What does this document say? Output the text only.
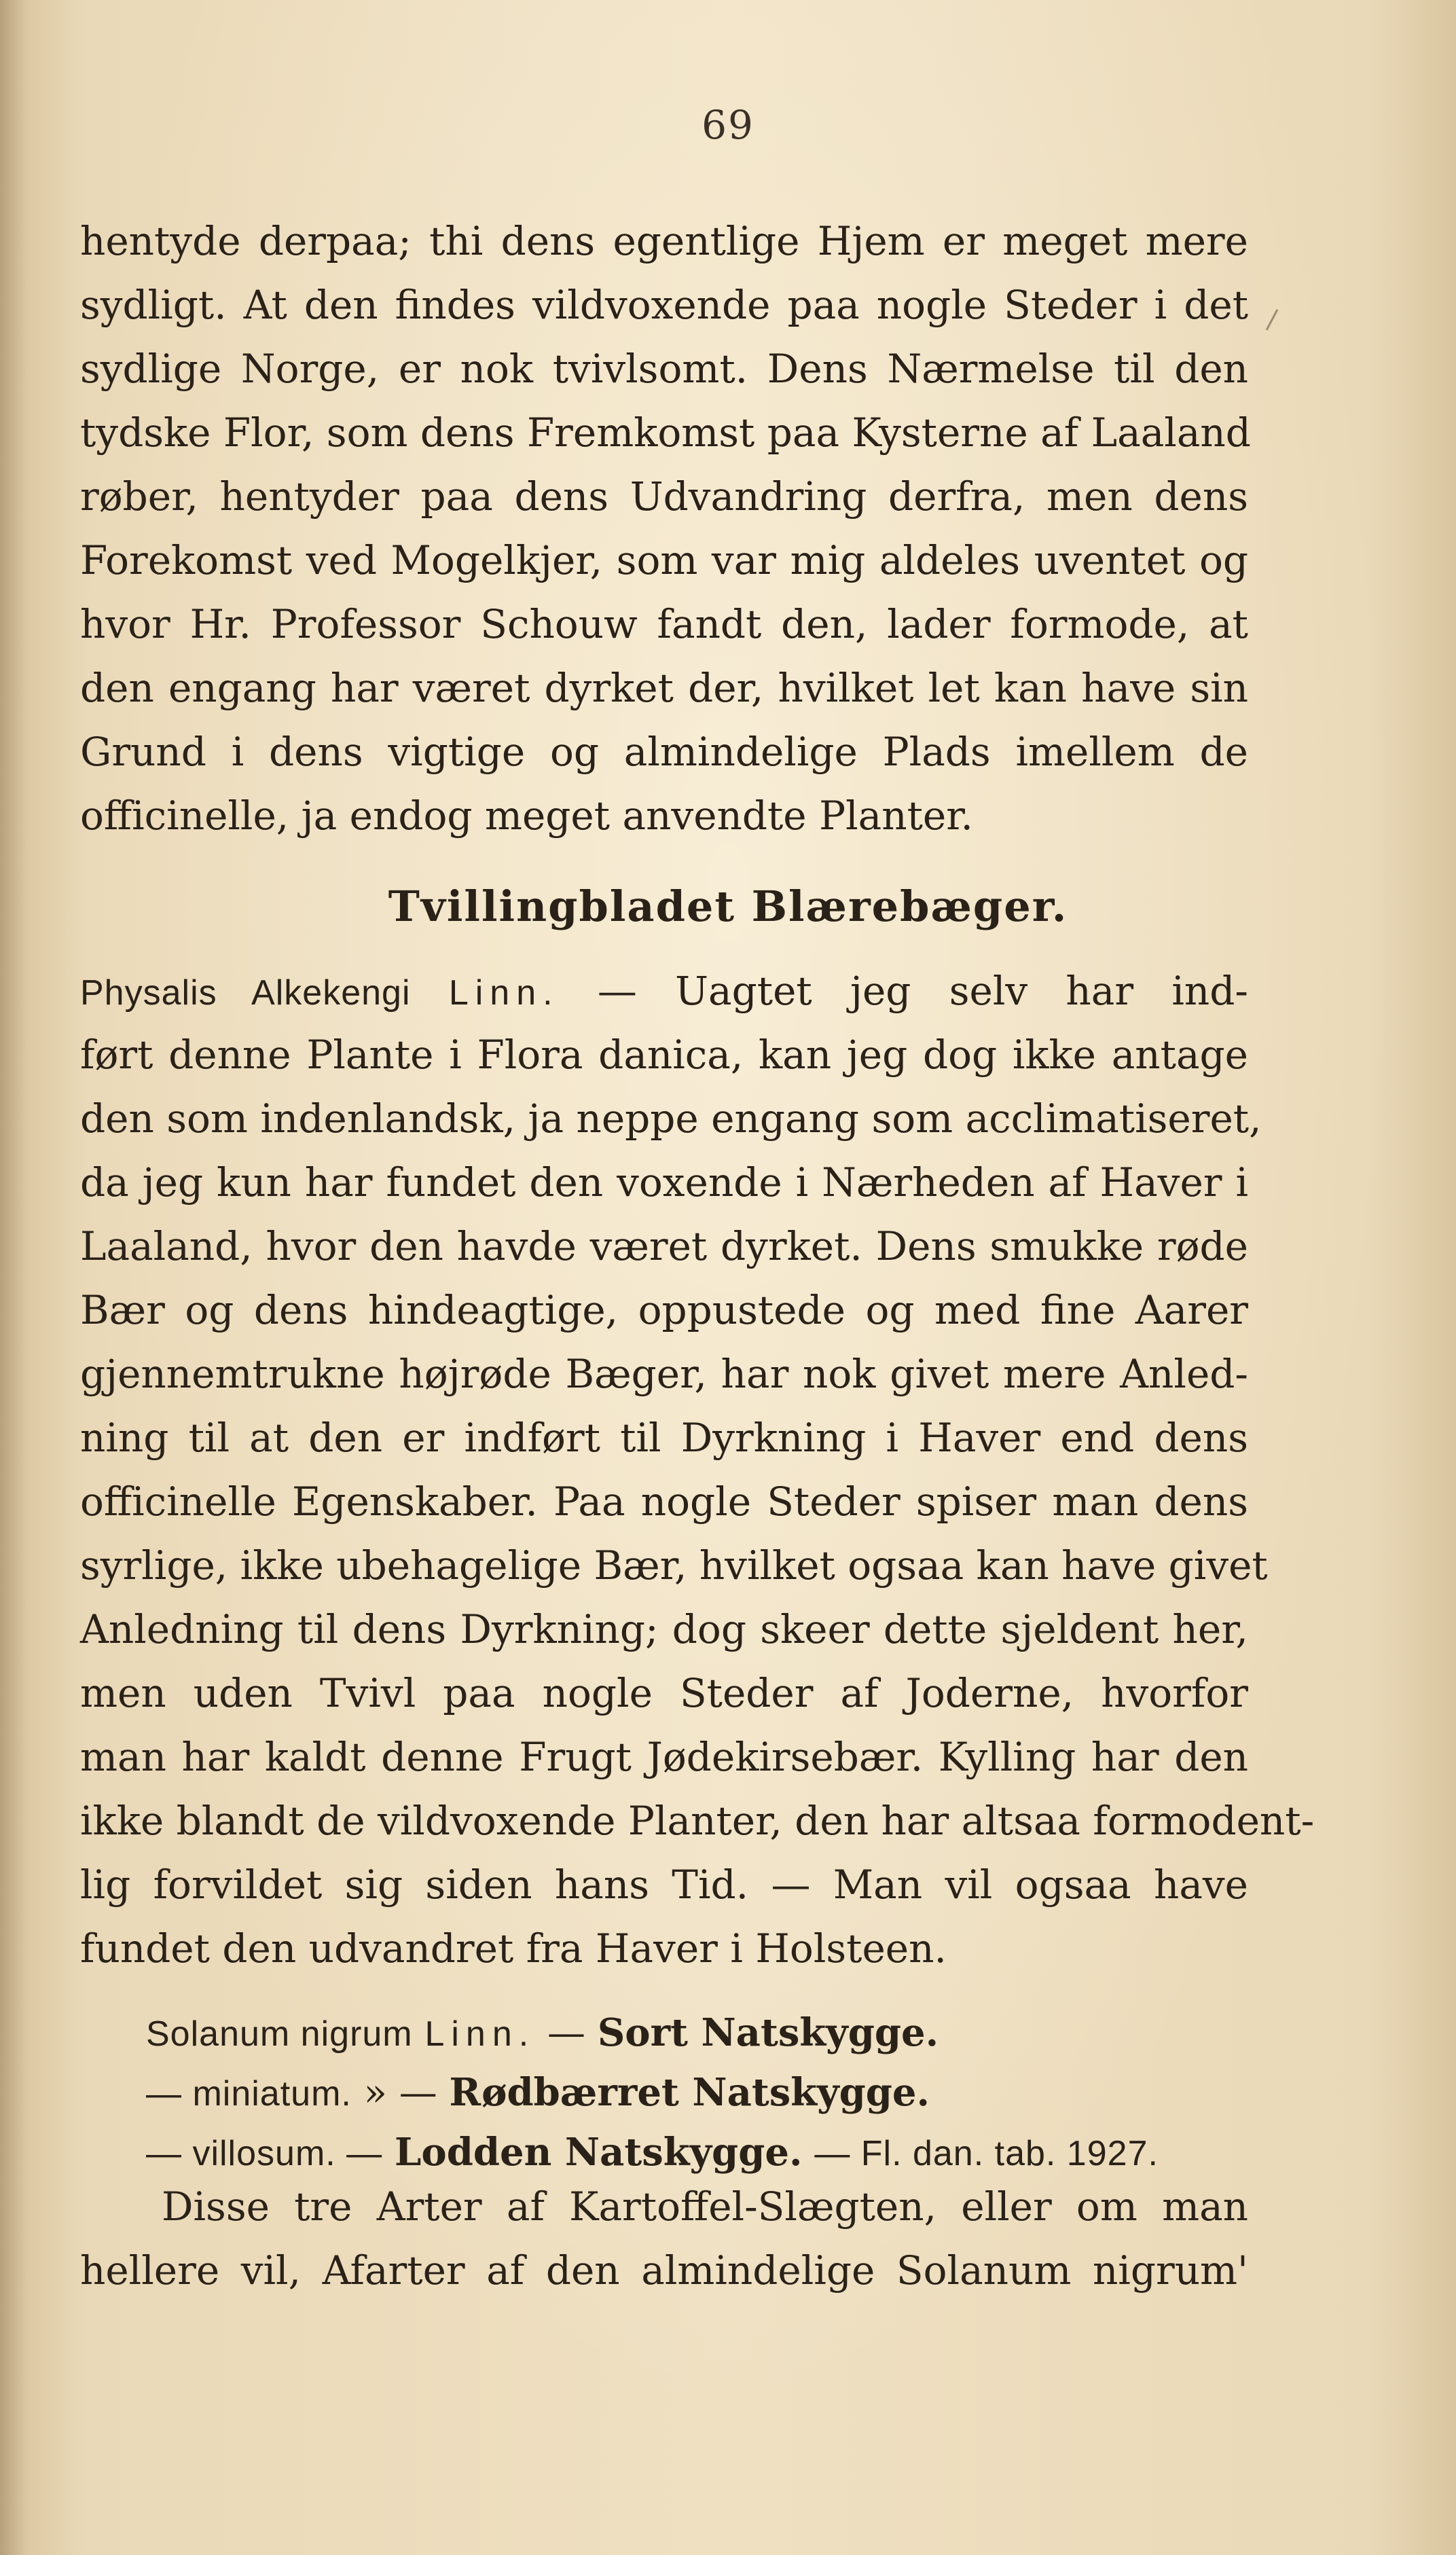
69
hentyde derpaa; thi dens egentlige Hjem er meget mere
sydligt. At den findes vildvoxende paa nogle Steder i det
sydlige Norge, er nok tvivlsomt. Dens Nærmelse til den
tydske Flor, som dens Fremkomst paa Kysterne af Laaland
røber, hentyder paa dens Udvandring derfra, men dens
Forekomst ved Mogelkjer, som var mig aldeles uventet og
hvor Hr. Professor Schouw fandt den, lader formode, at
den engang har været dyrket der, hvilket let kan have sin
Grund i dens vigtige og almindelige Plads imellem de
officinelle, ja endog meget anvendte Planter.
Tvillingbladet Blærebæger.
Physalis Alkekengi Linn. — Uagtet jeg selv har ind-
ført denne Plante i Flora danica, kan jeg dog ikke antage
den som indenlandsk, ja neppe engang som acclimatiseret,
da jeg kun har fundet den voxende i Nærheden af Haver i
Laaland, hvor den havde været dyrket. Dens smukke røde
Bær og dens hindeagtige, oppustede og med fine Aarer
gjennemtrukne højrøde Bæger, har nok givet mere Anled-
ning til at den er indført til Dyrkning i Haver end dens
officinelle Egenskaber. Paa nogle Steder spiser man dens
syrlige, ikke ubehagelige Bær, hvilket ogsaa kan have givet
Anledning til dens Dyrkning; dog skeer dette sjeldent her,
men uden Tvivl paa nogle Steder af Joderne, hvorfor
man har kaldt denne Frugt Jødekirsebær. Kylling har den
ikke blandt de vildvoxende Planter, den har altsaa formodent-
lig forvildet sig siden hans Tid. — Man vil ogsaa have
fundet den udvandret fra Haver i Holsteen.
Solanum nigrum Linn. — Sort Natskygge.
— miniatum. » — Rødbærret Natskygge.
— villosum. — Lodden Natskygge. — Fl. dan. tab. 1927.
Disse tre Arter af Kartoffel-Slægten, eller om man
hellere vil, Afarter af den almindelige Solanum nigrum'
